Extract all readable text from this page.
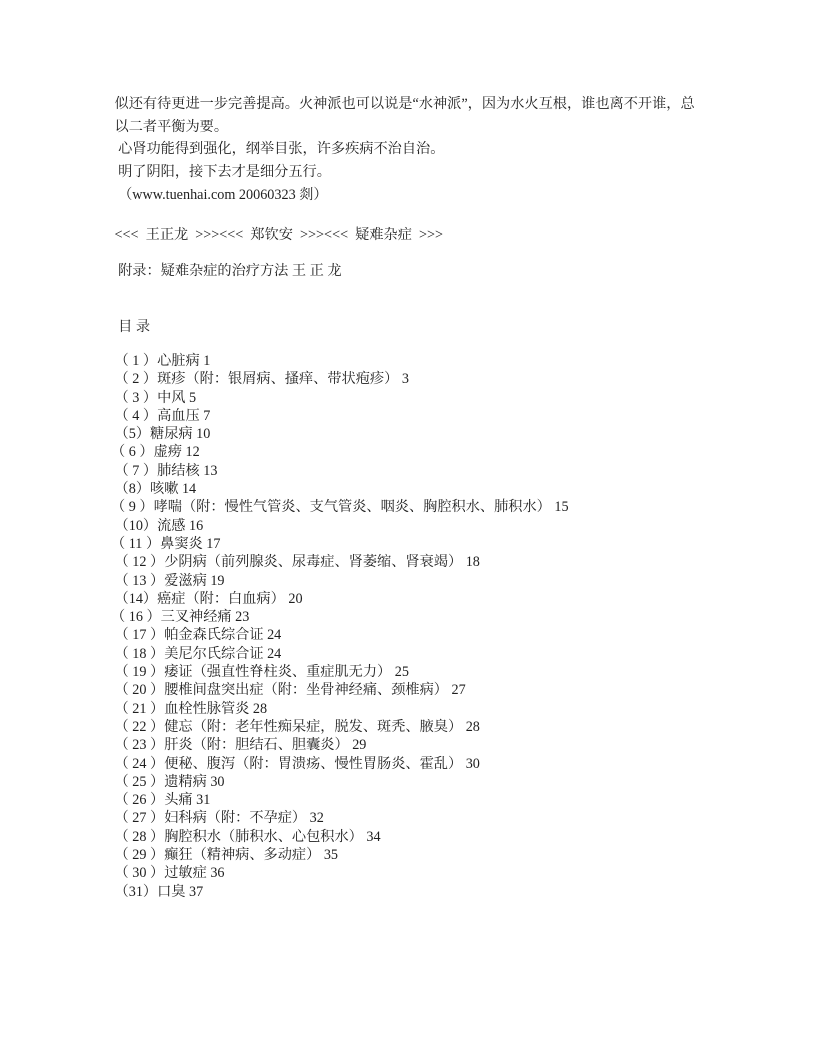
似还有待更进一步完善提高。火神派也可以说是“水神派”，因为水火互根，谁也离不开谁，总
以二者平衡为要。
心肾功能得到强化，纲举目张，许多疾病不治自治。
明了阴阳，接下去才是细分五行。
（www.tuenhai.com 20060323 剡）
<<<  王正龙  >>><<<  郑钦安  >>><<<  疑难杂症  >>>
附录：疑难杂症的治疗方法 王 正 龙
目 录
（ 1 ）心脏病 1
（ 2 ）斑疹（附：银屑病、搔痒、带状疱疹） 3
（ 3 ）中风 5
（ 4 ）高血压 7
（5）糖尿病 10
（ 6 ）虚痨 12
（ 7 ）肺结核 13
（8）咳嗽 14
（ 9 ）哮喘（附：慢性气管炎、支气管炎、咽炎、胸腔积水、肺积水） 15
（10）流感 16
（ 11 ）鼻窦炎 17
（ 12 ）少阴病（前列腺炎、尿毒症、肾萎缩、肾衰竭） 18
（ 13 ）爱滋病 19
（14）癌症（附：白血病） 20
（ 16 ）三叉神经痛 23
（ 17 ）帕金森氏综合证 24
（ 18 ）美尼尔氏综合证 24
（ 19 ）痿证（强直性脊柱炎、重症肌无力） 25
（ 20 ）腰椎间盘突出症（附：坐骨神经痛、颈椎病） 27
（ 21 ）血栓性脉管炎 28
（ 22 ）健忘（附：老年性痴呆症，脱发、斑秃、腋臭） 28
（ 23 ）肝炎（附：胆结石、胆囊炎） 29
（ 24 ）便秘、腹泻（附：胃溃疡、慢性胃肠炎、霍乱） 30
（ 25 ）遗精病 30
（ 26 ）头痛 31
（ 27 ）妇科病（附：不孕症） 32
（ 28 ）胸腔积水（肺积水、心包积水） 34
（ 29 ）癫狂（精神病、多动症） 35
（ 30 ）过敏症 36
（31）口臭 37
